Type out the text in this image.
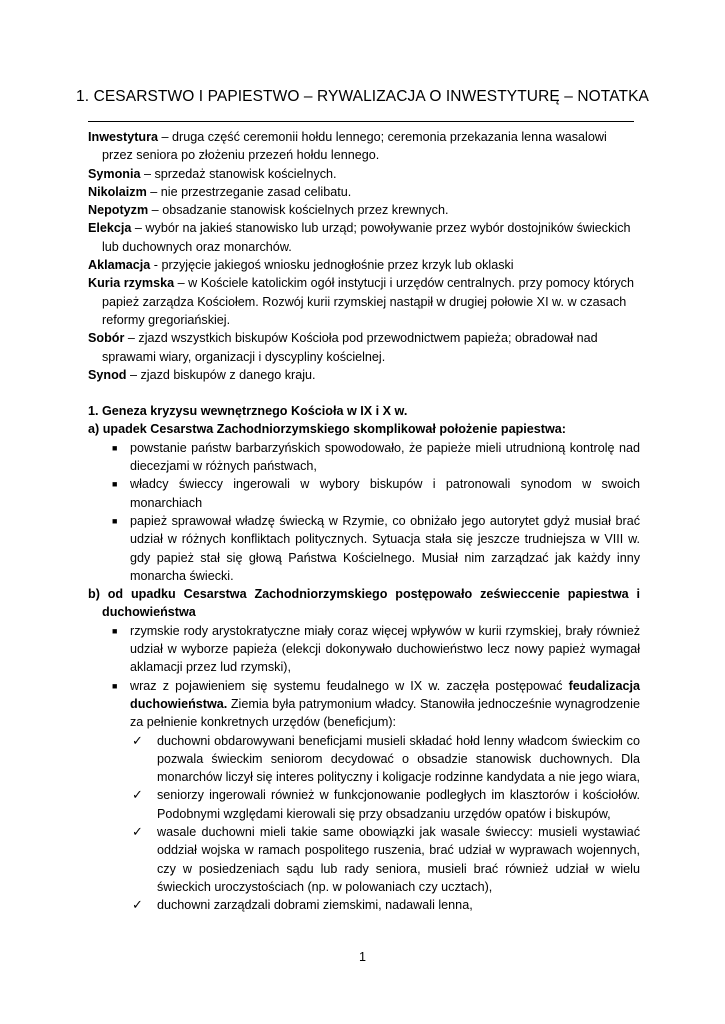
1. CESARSTWO I PAPIESTWO – RYWALIZACJA O INWESTYTURĘ – NOTATKA

Inwestytura – druga część ceremonii hołdu lennego; ceremonia przekazania lenna wasalowi przez seniora po złożeniu przezeń hołdu lennego.

Symonia – sprzedaż stanowisk kościelnych.

Nikolaizm – nie przestrzeganie zasad celibatu.

Nepotyzm – obsadzanie stanowisk kościelnych przez krewnych.

Elekcja – wybór na jakieś stanowisko lub urząd; powoływanie przez wybór dostojników świeckich lub duchownych oraz monarchów.

Aklamacja - przyjęcie jakiegoś wniosku jednogłośnie przez krzyk lub oklaski

Kuria rzymska – w Kościele katolickim ogół instytucji i urzędów centralnych. przy pomocy których papież zarządza Kościołem. Rozwój kurii rzymskiej nastąpił w drugiej połowie XI w. w czasach reformy gregoriańskiej.

Sobór – zjazd wszystkich biskupów Kościoła pod przewodnictwem papieża; obradował nad sprawami wiary, organizacji i dyscypliny kościelnej.

Synod – zjazd biskupów z danego kraju.

1. Geneza kryzysu wewnętrznego Kościoła w IX i X w.

a) upadek Cesarstwa Zachodniorzymskiego skomplikował położenie papiestwa:

■ powstanie państw barbarzyńskich spowodowało, że papieże mieli utrudnioną kontrolę nad diecezjami w różnych państwach,
■ władcy świeccy ingerowali w wybory biskupów i patronowali synodom w swoich monarchiach
■ papież sprawował władzę świecką w Rzymie, co obniżało jego autorytet gdyż musiał brać udział w różnych konfliktach politycznych. Sytuacja stała się jeszcze trudniejsza w VIII w. gdy papież stał się głową Państwa Kościelnego. Musiał nim zarządzać jak każdy inny monarcha świecki.

b) od upadku Cesarstwa Zachodniorzymskiego postępowało ześwieccenie papiestwa i duchowieństwa

■ rzymskie rody arystokratyczne miały coraz więcej wpływów w kurii rzymskiej, brały również udział w wyborze papieża (elekcji dokonywało duchowieństwo lecz nowy papież wymagał aklamacji przez lud rzymski),
■ wraz z pojawieniem się systemu feudalnego w IX w. zaczęła postępować feudalizacja duchowieństwa. Ziemia była patrymonium władcy. Stanowiła jednocześnie wynagrodzenie za pełnienie konkretnych urzędów (beneficjum):
✓ duchowni obdarowywani beneficjami musieli składać hołd lenny władcom świeckim co pozwala świeckim seniorom decydować o obsadzie stanowisk duchownych. Dla monarchów liczył się interes polityczny i koligacje rodzinne kandydata a nie jego wiara,
✓ seniorzy ingerowali również w funkcjonowanie podległych im klasztorów i kościołów. Podobnymi względami kierowali się przy obsadzaniu urzędów opatów i biskupów,
✓ wasale duchowni mieli takie same obowiązki jak wasale świeccy: musieli wystawiać oddział wojska w ramach pospolitego ruszenia, brać udział w wyprawach wojennych, czy w posiedzeniach sądu lub rady seniora, musieli brać również udział w wielu świeckich uroczystościach (np. w polowaniach czy ucztach),
✓ duchowni zarządzali dobrami ziemskimi, nadawali lenna,
1
